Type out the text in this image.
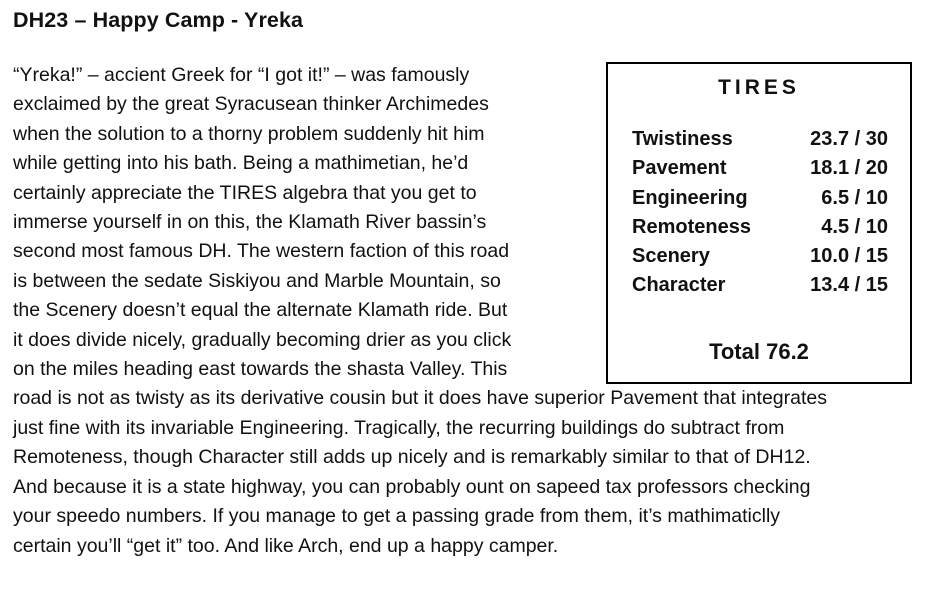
DH23 – Happy Camp - Yreka
“Yreka!” – accient Greek for “I got it!” – was famously
exclaimed by the great Syracusean thinker Archimedes
when the solution to a thorny problem suddenly hit him
while getting into his bath. Being a mathimetian, he’d
certainly appreciate the TIRES algebra that you get to
immerse yourself in on this, the Klamath River bassin’s
second most famous DH. The western faction of this road
is between the sedate Siskiyou and Marble Mountain, so
the Scenery doesn’t equal the alternate Klamath ride. But
it does divide nicely, gradually becoming drier as you click
on the miles heading east towards the shasta Valley. This
road is not as twisty as its derivative cousin but it does have superior Pavement that integrates
just fine with its invariable Engineering. Tragically, the recurring buildings do subtract from
Remoteness, though Character still adds up nicely and is remarkably similar to that of DH12.
And because it is a state highway, you can probably ount on sapeed tax professors checking
your speedo numbers. If you manage to get a passing grade from them, it’s mathimaticlly
certain you’ll “get it” too. And like Arch, end up a happy camper.
TIRES
Twistiness	23.7 / 30
Pavement	18.1 / 20
Engineering	6.5 / 10
Remoteness	4.5 / 10
Scenery	10.0 / 15
Character	13.4 / 15
Total 76.2
